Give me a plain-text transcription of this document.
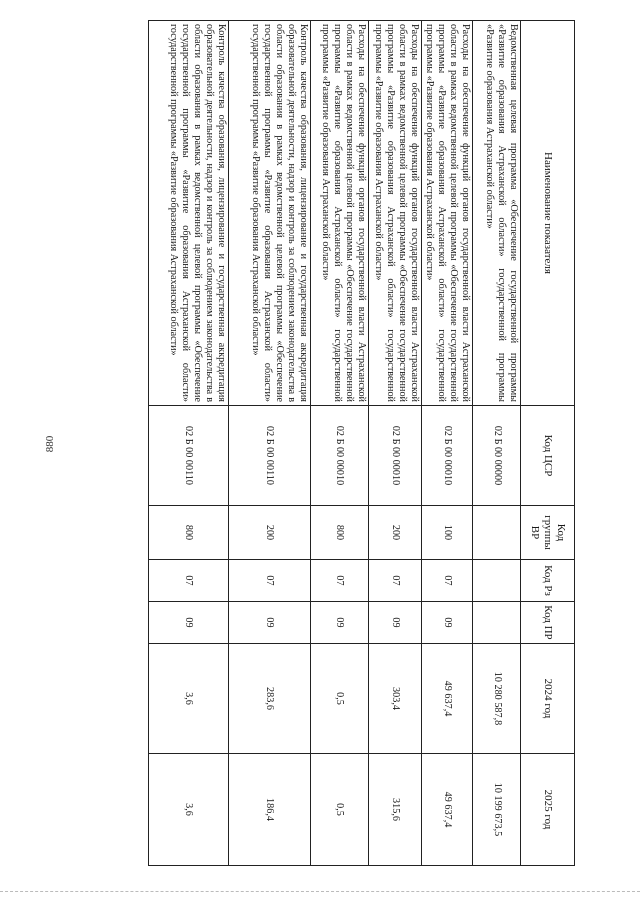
880
Наименование показателя	Код ЦСР	Код группы ВР	Код Рз	Код ПР	2024 год	2025 год
Ведомственная целевая программа «Обеспечение государственной программы «Развитие образования Астраханской области» государственной программы «Развитие образования Астраханской области»	02 Б 00 00000				10 280 587,8	10 199 673,5
Расходы на обеспечение функций органов государственной власти Астраханской области в рамках ведомственной целевой программы «Обеспечение государственной программы «Развитие образования Астраханской области» государственной программы «Развитие образования Астраханской области»	02 Б 00 00010	100	07	09	49 637,4	49 637,4
Расходы на обеспечение функций органов государственной власти Астраханской области в рамках ведомственной целевой программы «Обеспечение государственной программы «Развитие образования Астраханской области» государственной программы «Развитие образования Астраханской области»	02 Б 00 00010	200	07	09	303,4	315,6
Расходы на обеспечение функций органов государственной власти Астраханской области в рамках ведомственной целевой программы «Обеспечение государственной программы «Развитие образования Астраханской области» государственной программы «Развитие образования Астраханской области»	02 Б 00 00010	800	07	09	0,5	0,5
Контроль качества образования, лицензирование и государственная аккредитация образовательной деятельности, надзор и контроль за соблюдением законодательства в области образования в рамках ведомственной целевой программы «Обеспечение государственной программы «Развитие образования Астраханской области» государственной программы «Развитие образования Астраханской области»	02 Б 00 00110	200	07	09	283,6	186,4
Контроль качества образования, лицензирование и государственная аккредитация образовательной деятельности, надзор и контроль за соблюдением законодательства в области образования в рамках ведомственной целевой программы «Обеспечение государственной программы «Развитие образования Астраханской области» государственной программы «Развитие образования Астраханской области»	02 Б 00 00110	800	07	09	3,6	3,6
